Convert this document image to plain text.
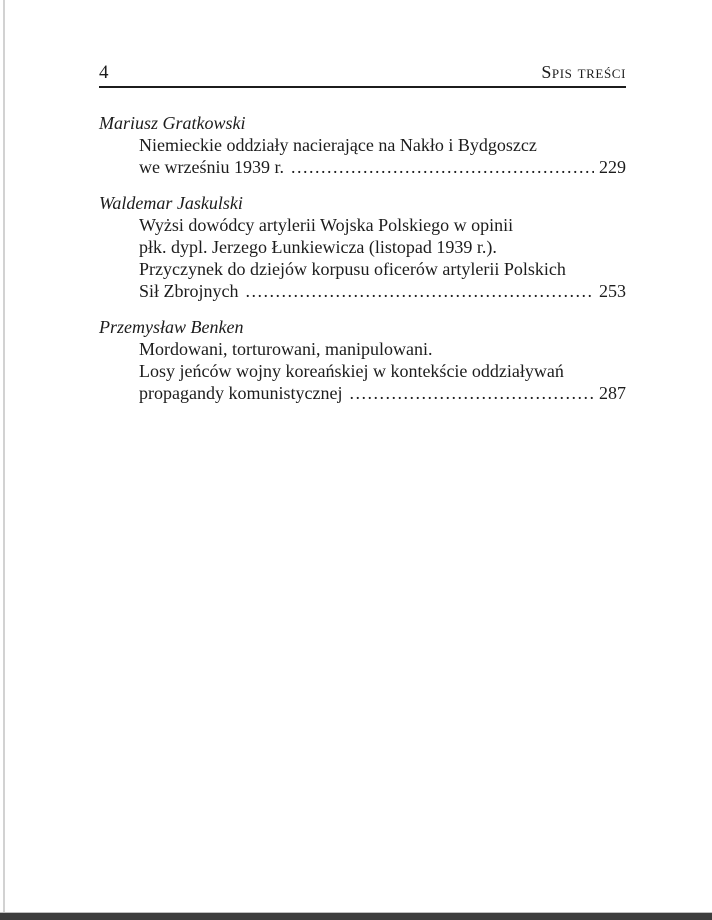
4	Spis treści
Mariusz Gratkowski
Niemieckie oddziały nacierające na Nakło i Bydgoszcz
we wrześniu 1939 r. .....	229
Waldemar Jaskulski
Wyżsi dowódcy artylerii Wojska Polskiego w opinii
płk. dypl. Jerzego Łunkiewicza (listopad 1939 r.).
Przyczynek do dziejów korpusu oficerów artylerii Polskich
Sił Zbrojnych .....	253
Przemysław Benken
Mordowani, torturowani, manipulowani.
Losy jeńców wojny koreańskiej w kontekście oddziaływań
propagandy komunistycznej .....	287
